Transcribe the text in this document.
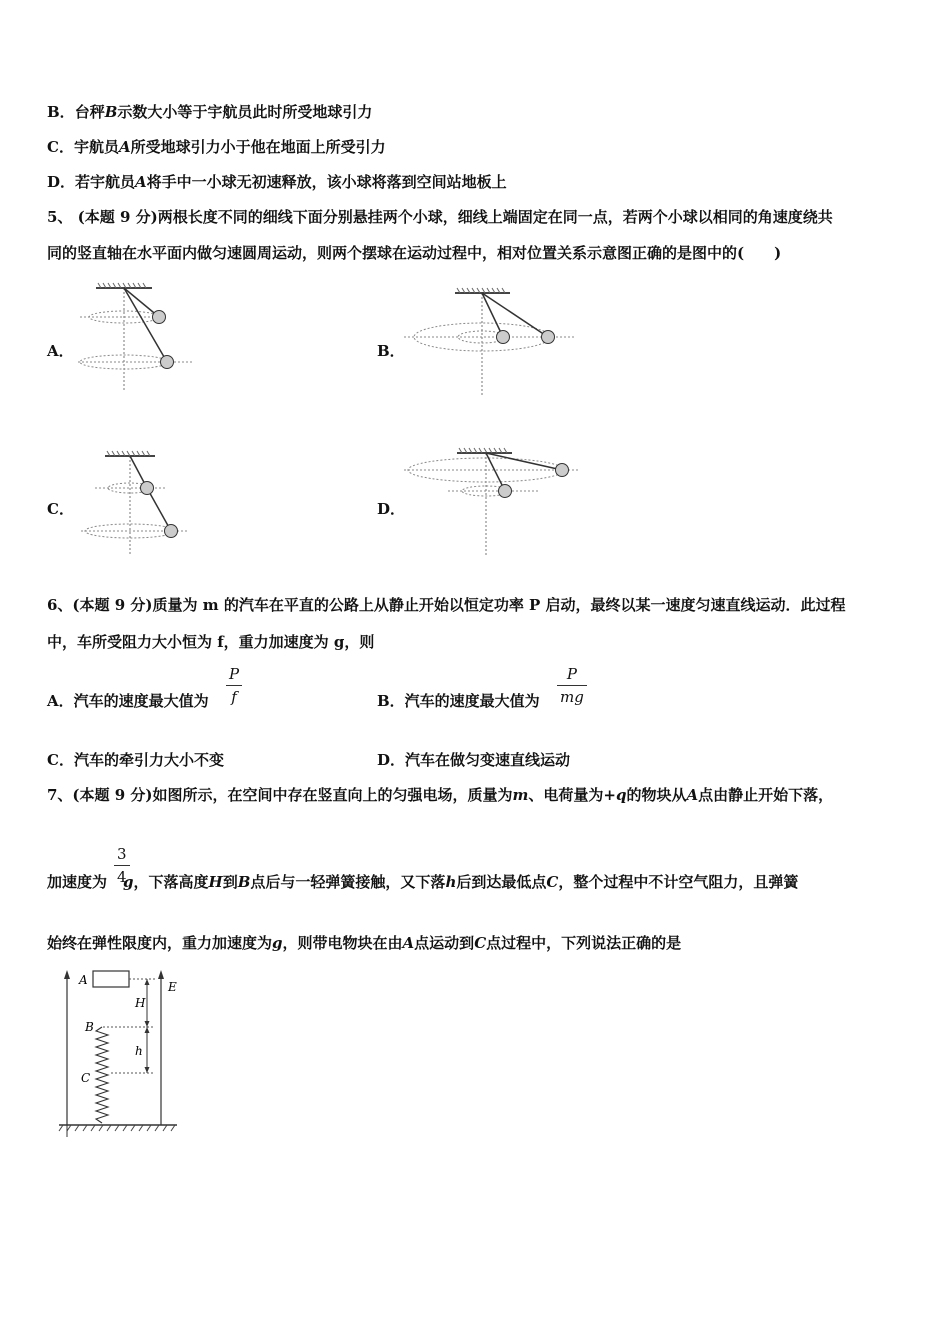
B．台秤B示数大小等于宇航员此时所受地球引力
C．宇航员A所受地球引力小于他在地面上所受引力
D．若宇航员A将手中一小球无初速释放，该小球将落到空间站地板上
5、 (本题 9 分)两根长度不同的细线下面分别悬挂两个小球，细线上端固定在同一点，若两个小球以相同的角速度绕共
同的竖直轴在水平面内做匀速圆周运动，则两个摆球在运动过程中，相对位置关系示意图正确的是图中的(　　)
A．	B．
C．	D．
6、(本题 9 分)质量为 m 的汽车在平直的公路上从静止开始以恒定功率 P 启动，最终以某一速度匀速直线运动．此过程
中，车所受阻力大小恒为 f，重力加速度为 g，则
A．汽车的速度最大值为
P
f	B．汽车的速度最大值为
P
mg
C．汽车的牵引力大小不变	D．汽车在做匀变速直线运动
7、(本题 9 分)如图所示，在空间中存在竖直向上的匀强电场，质量为m、电荷量为+q的物块从A点由静止开始下落，
3
4
加速度为 g，下落高度H到B点后与一轻弹簧接触，又下落h后到达最低点C，整个过程中不计空气阻力，且弹簧
始终在弹性限度内，重力加速度为g，则带电物块在由A点运动到C点过程中，下列说法正确的是
E
A
H
h
B
C
